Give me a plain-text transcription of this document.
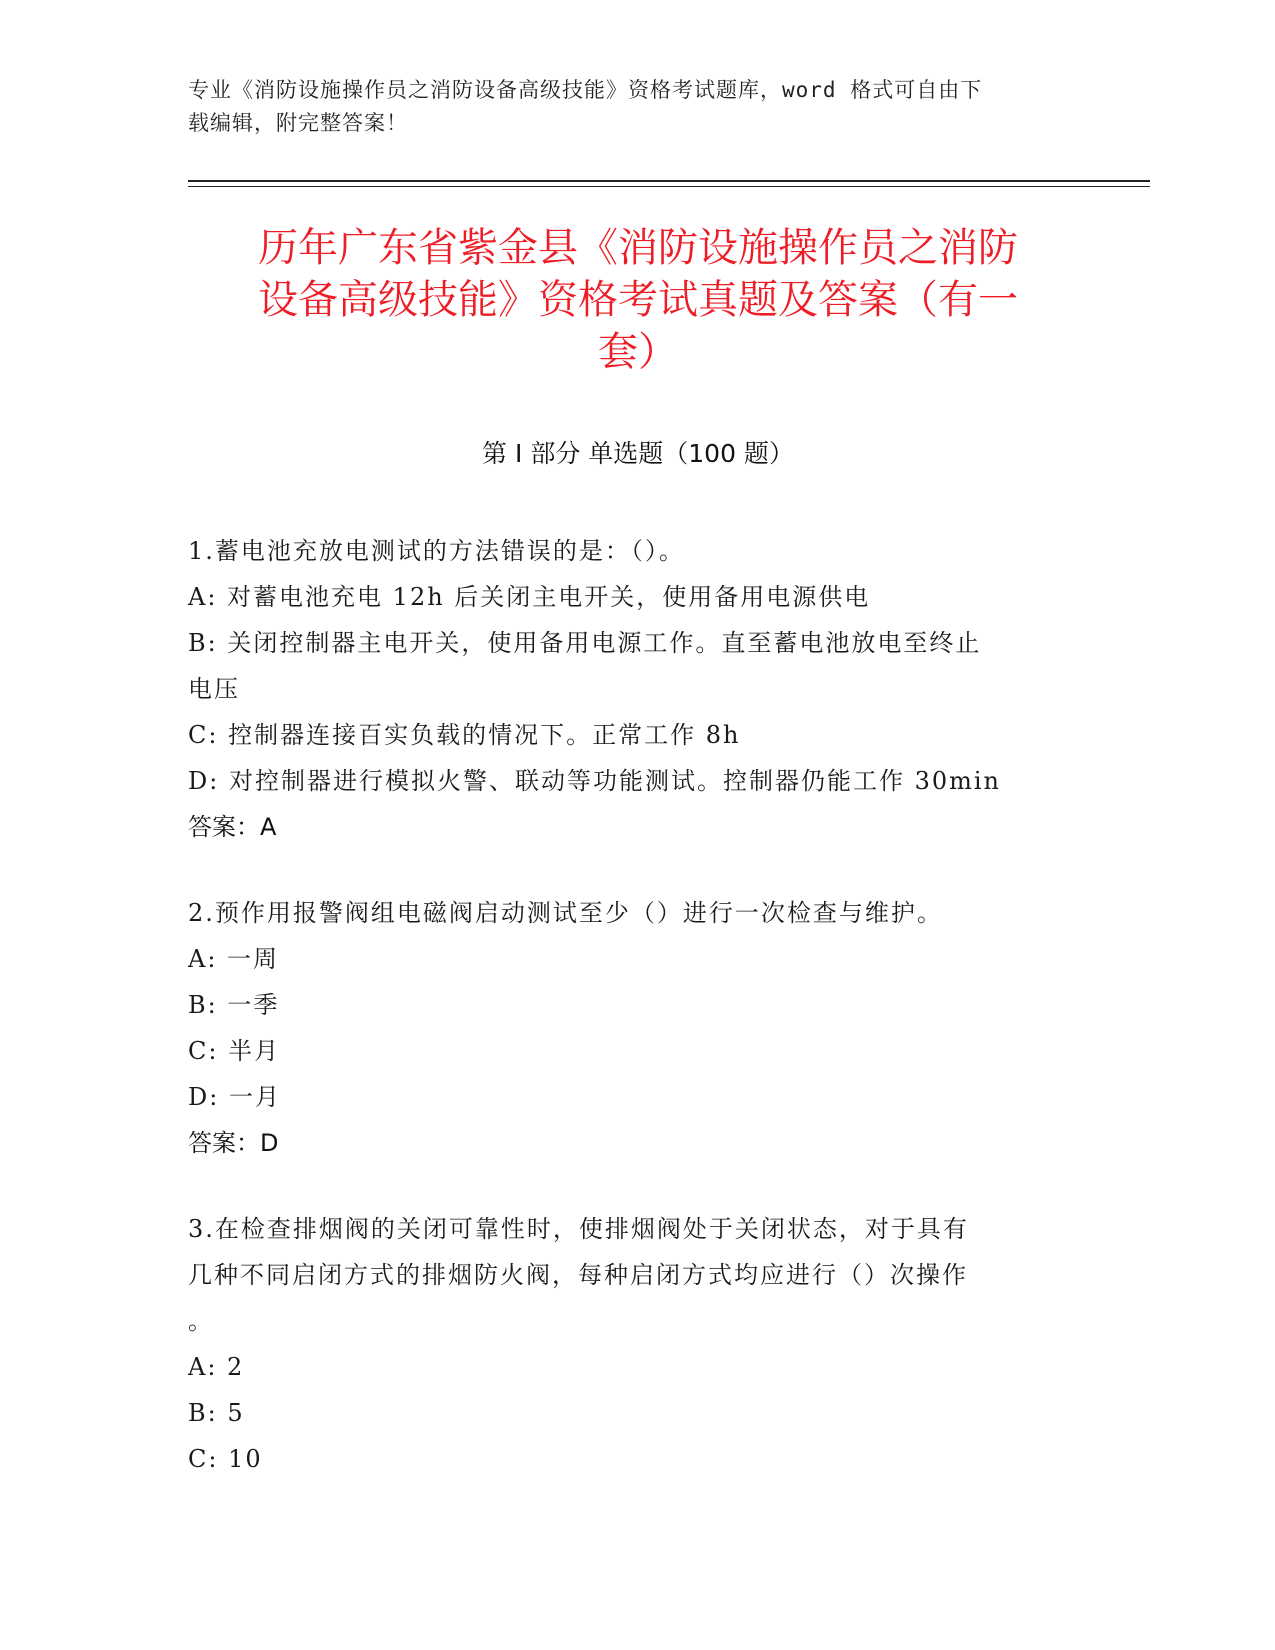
专业《消防设施操作员之消防设备高级技能》资格考试题库，word 格式可自由下
载编辑，附完整答案！
历年广东省紫金县《消防设施操作员之消防
设备高级技能》资格考试真题及答案（有一
套）
第 I 部分 单选题（100 题）

1.蓄电池充放电测试的方法错误的是：（）。

A: 对蓄电池充电 12h 后关闭主电开关，使用备用电源供电

B: 关闭控制器主电开关，使用备用电源工作。直至蓄电池放电至终止

电压

C: 控制器连接百实负载的情况下。正常工作 8h

D: 对控制器进行模拟火警、联动等功能测试。控制器仍能工作 30min

答案：A

2.预作用报警阀组电磁阀启动测试至少（）进行一次检查与维护。

A: 一周

B: 一季

C: 半月

D: 一月

答案：D

3.在检查排烟阀的关闭可靠性时，使排烟阀处于关闭状态，对于具有

几种不同启闭方式的排烟防火阀，每种启闭方式均应进行（）次操作

。

A: 2

B: 5

C: 10
